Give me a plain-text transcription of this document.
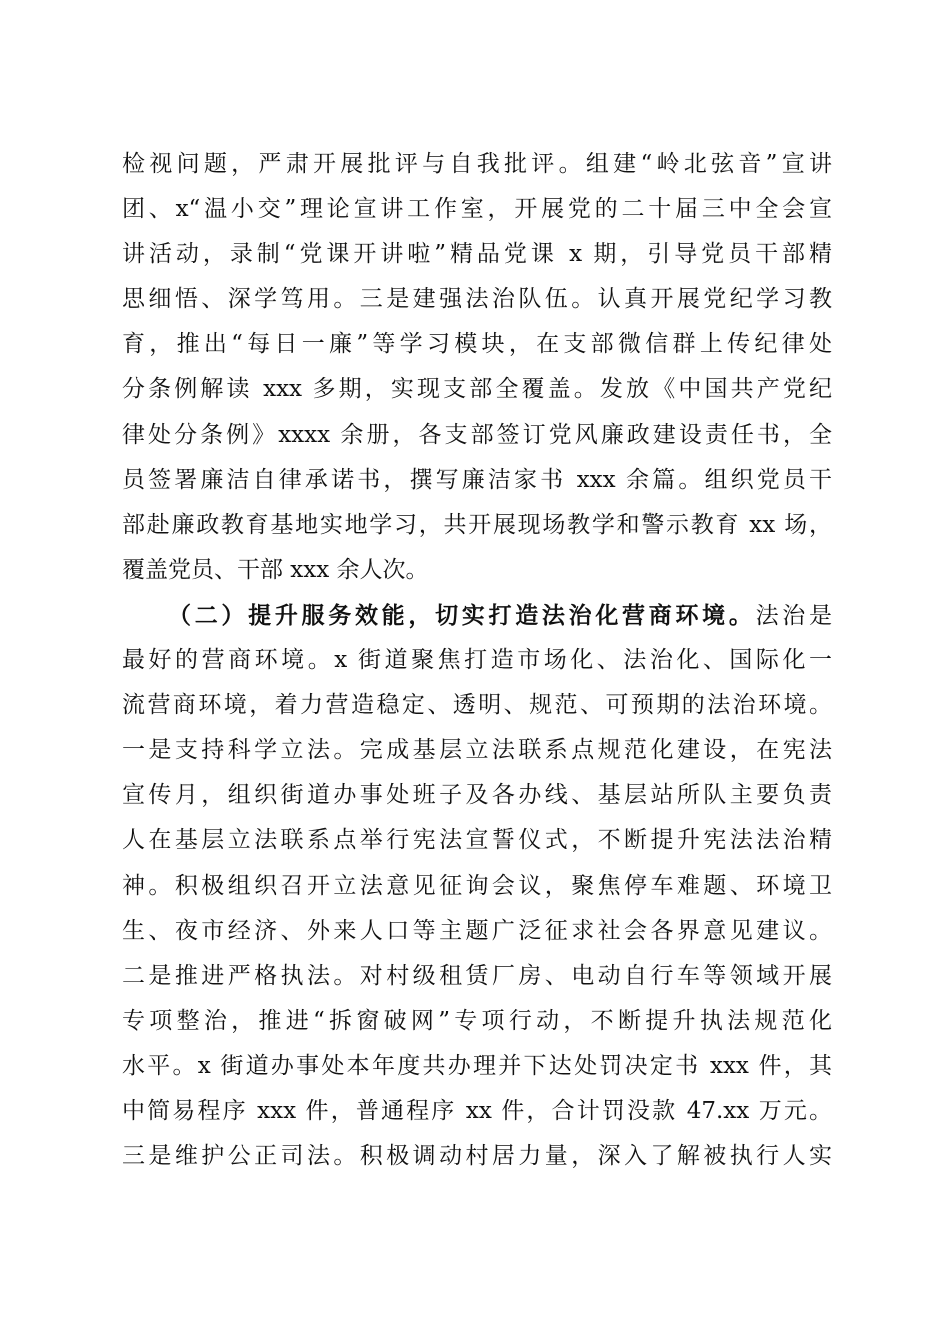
检视问题，严肃开展批评与自我批评。组建“岭北弦音”宣讲
团、x“温小交”理论宣讲工作室，开展党的二十届三中全会宣
讲活动，录制“党课开讲啦”精品党课 x 期，引导党员干部精
思细悟、深学笃用。三是建强法治队伍。认真开展党纪学习教
育，推出“每日一廉”等学习模块，在支部微信群上传纪律处
分条例解读 xxx 多期，实现支部全覆盖。发放《中国共产党纪
律处分条例》xxxx 余册，各支部签订党风廉政建设责任书，全
员签署廉洁自律承诺书，撰写廉洁家书 xxx 余篇。组织党员干
部赴廉政教育基地实地学习，共开展现场教学和警示教育 xx 场，
覆盖党员、干部 xxx 余人次。
（二）提升服务效能，切实打造法治化营商环境。法治是
最好的营商环境。x 街道聚焦打造市场化、法治化、国际化一
流营商环境，着力营造稳定、透明、规范、可预期的法治环境。
一是支持科学立法。完成基层立法联系点规范化建设，在宪法
宣传月，组织街道办事处班子及各办线、基层站所队主要负责
人在基层立法联系点举行宪法宣誓仪式，不断提升宪法法治精
神。积极组织召开立法意见征询会议，聚焦停车难题、环境卫
生、夜市经济、外来人口等主题广泛征求社会各界意见建议。
二是推进严格执法。对村级租赁厂房、电动自行车等领域开展
专项整治，推进“拆窗破网”专项行动，不断提升执法规范化
水平。x 街道办事处本年度共办理并下达处罚决定书 xxx 件，其
中简易程序 xxx 件，普通程序 xx 件，合计罚没款 47.xx 万元。
三是维护公正司法。积极调动村居力量，深入了解被执行人实
